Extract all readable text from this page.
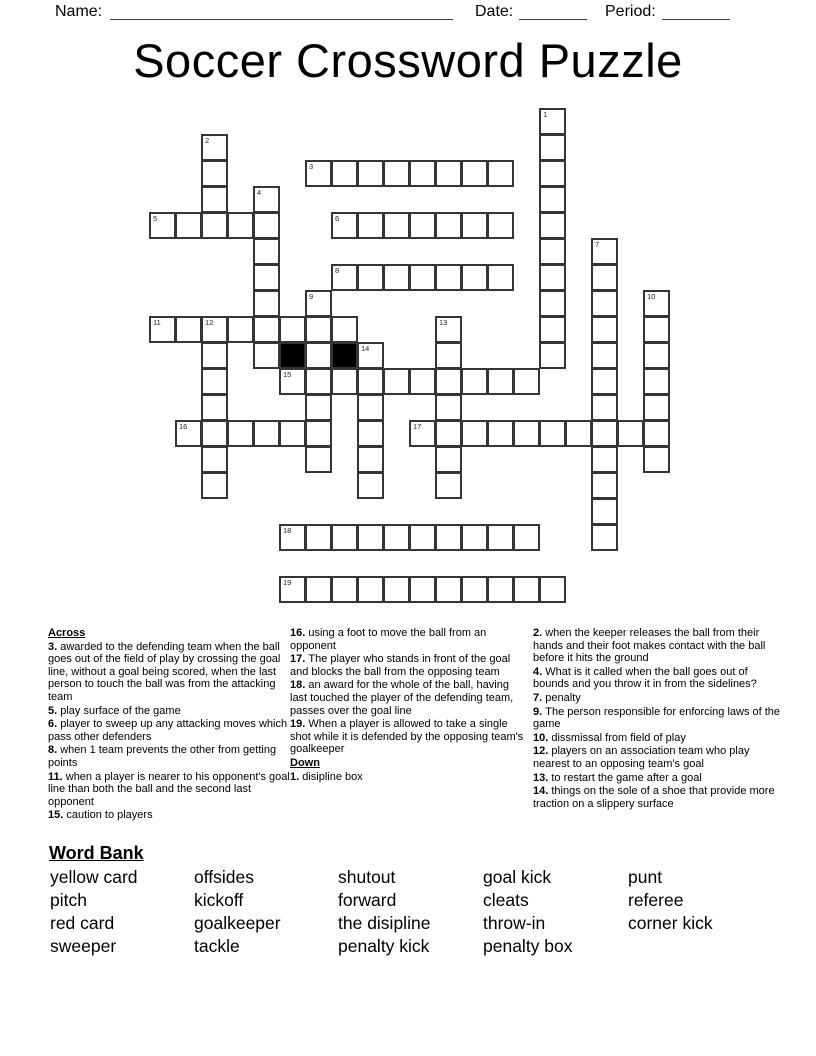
Name:	Date:	Period:
Soccer Crossword Puzzle
1
2
3
4
5	6
7
8
9	10
11	12	13
14
15
16	17
18
19

Across

3. awarded to the defending team when the ball goes out of the field of play by crossing the goal line, without a goal being scored, when the last person to touch the ball was from the attacking team

5. play surface of the game

6. player to sweep up any attacking moves which pass other defenders

8. when 1 team prevents the other from getting points

11. when a player is nearer to his opponent's goal line than both the ball and the second last opponent

15. caution to players

16. using a foot to move the ball from an opponent

17. The player who stands in front of the goal and blocks the ball from the opposing team

18. an award for the whole of the ball, having last touched the player of the defending team, passes over the goal line

19. When a player is allowed to take a single shot while it is defended by the opposing team's goalkeeper

Down

1. disipline box

2. when the keeper releases the ball from their hands and their foot makes contact with the ball before it hits the ground

4. What is it called when the ball goes out of bounds and you throw it in from the sidelines?

7. penalty

9. The person responsible for enforcing laws of the game

10. dissmissal from field of play

12. players on an association team who play nearest to an opposing team's goal

13. to restart the game after a goal

14. things on the sole of a shoe that provide more traction on a slippery surface

Word Bank
yellow card	offsides	shutout	goal kick	punt
pitch	kickoff	forward	cleats	referee
red card	goalkeeper	the disipline	throw-in	corner kick
sweeper	tackle	penalty kick	penalty box
